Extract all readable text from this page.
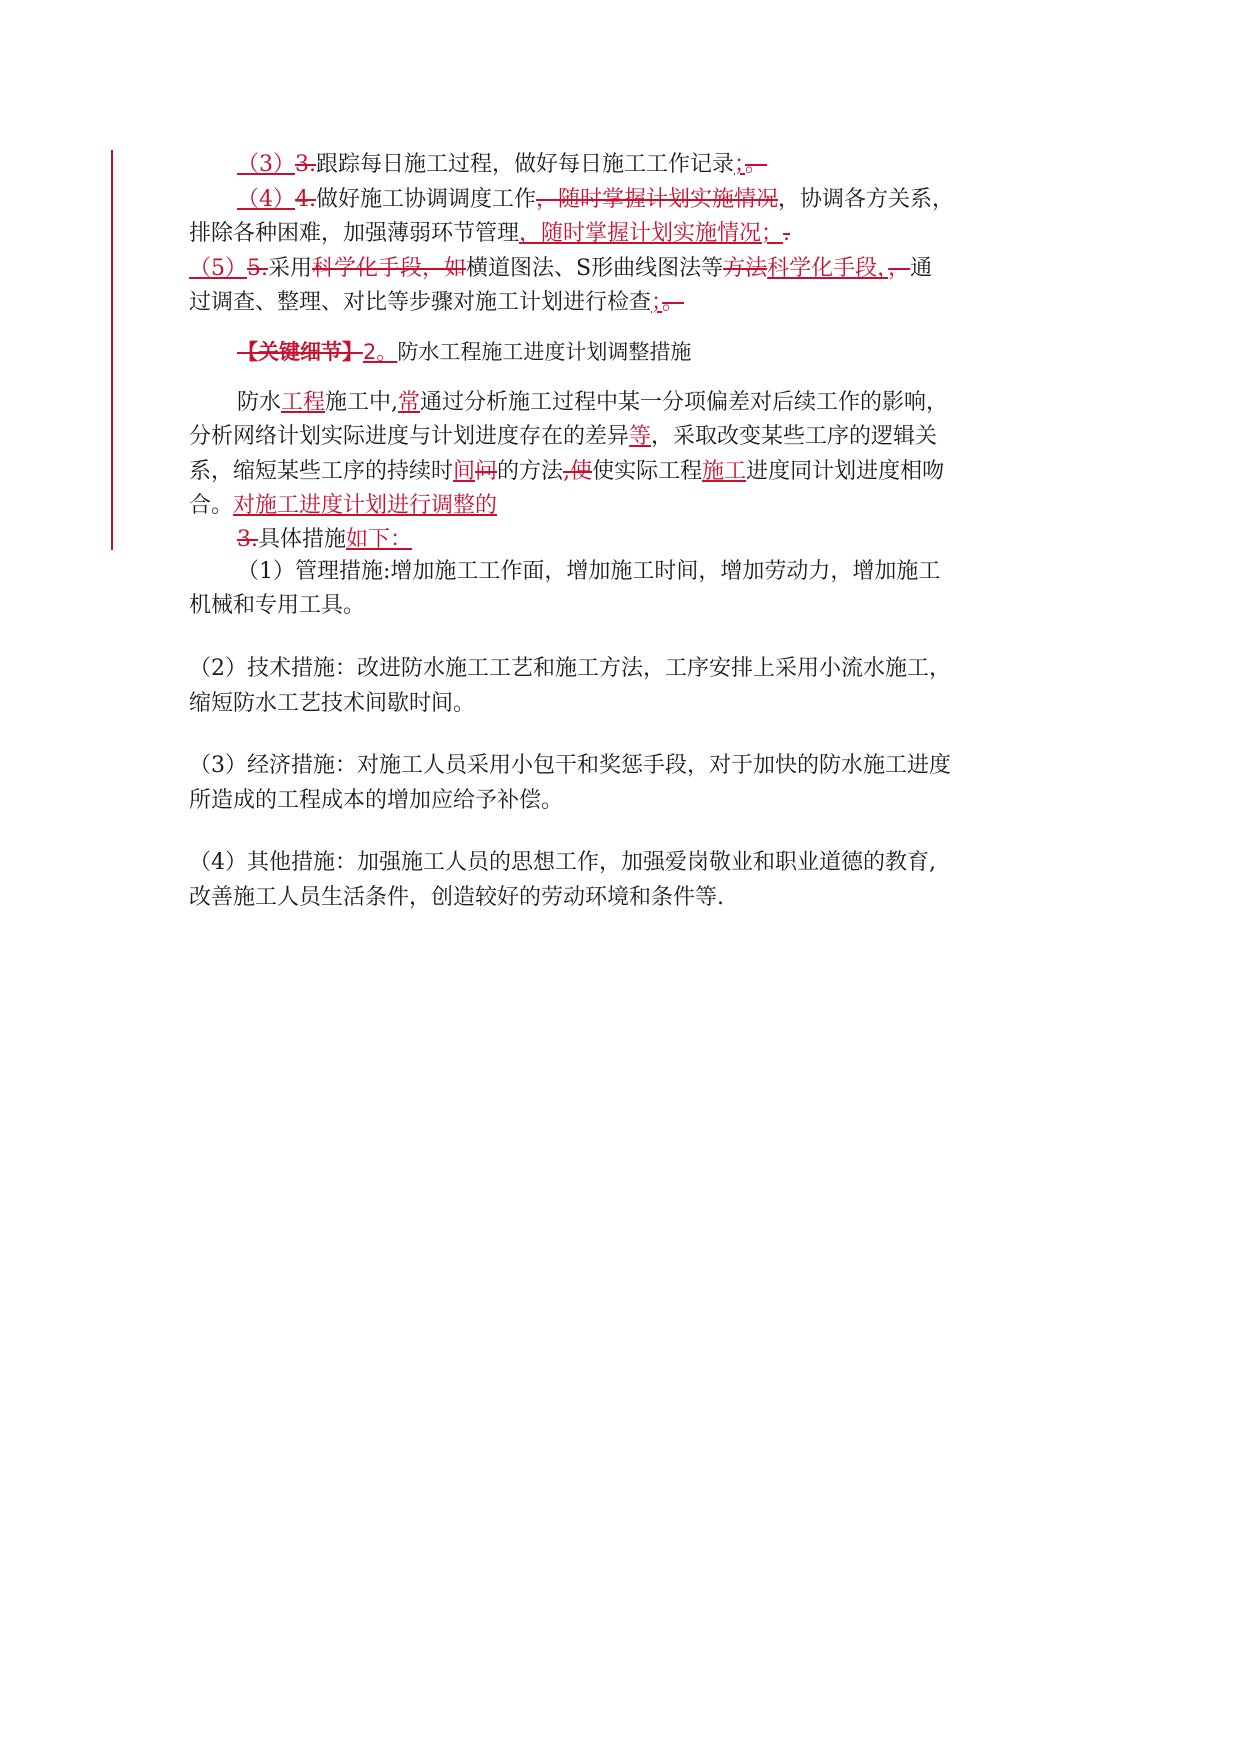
（3）3.跟踪每日施工过程，做好每日施工工作记录；。
（4）4.做好施工协调调度工作，随时掌握计划实施情况，协调各方关系，
排除各种困难，加强薄弱环节管理，随时掌握计划实施情况；.
（5）5.采用科学化手段，如横道图法、S形曲线图法等方法科学化手段，，通
过调查、整理、对比等步骤对施工计划进行检查；。
【关键细节】2。防水工程施工进度计划调整措施
防水工程施工中,常通过分析施工过程中某一分项偏差对后续工作的影响，
分析网络计划实际进度与计划进度存在的差异等，采取改变某些工序的逻辑关
系，缩短某些工序的持续时间问的方法,使使实际工程施工进度同计划进度相吻
合。对施工进度计划进行调整的
3.具体措施如下：
（1）管理措施:增加施工工作面，增加施工时间，增加劳动力，增加施工
机械和专用工具。
（2）技术措施：改进防水施工工艺和施工方法，工序安排上采用小流水施工，
缩短防水工艺技术间歇时间。
（3）经济措施：对施工人员采用小包干和奖惩手段，对于加快的防水施工进度
所造成的工程成本的增加应给予补偿。
（4）其他措施：加强施工人员的思想工作，加强爱岗敬业和职业道德的教育,
改善施工人员生活条件，创造较好的劳动环境和条件等.
